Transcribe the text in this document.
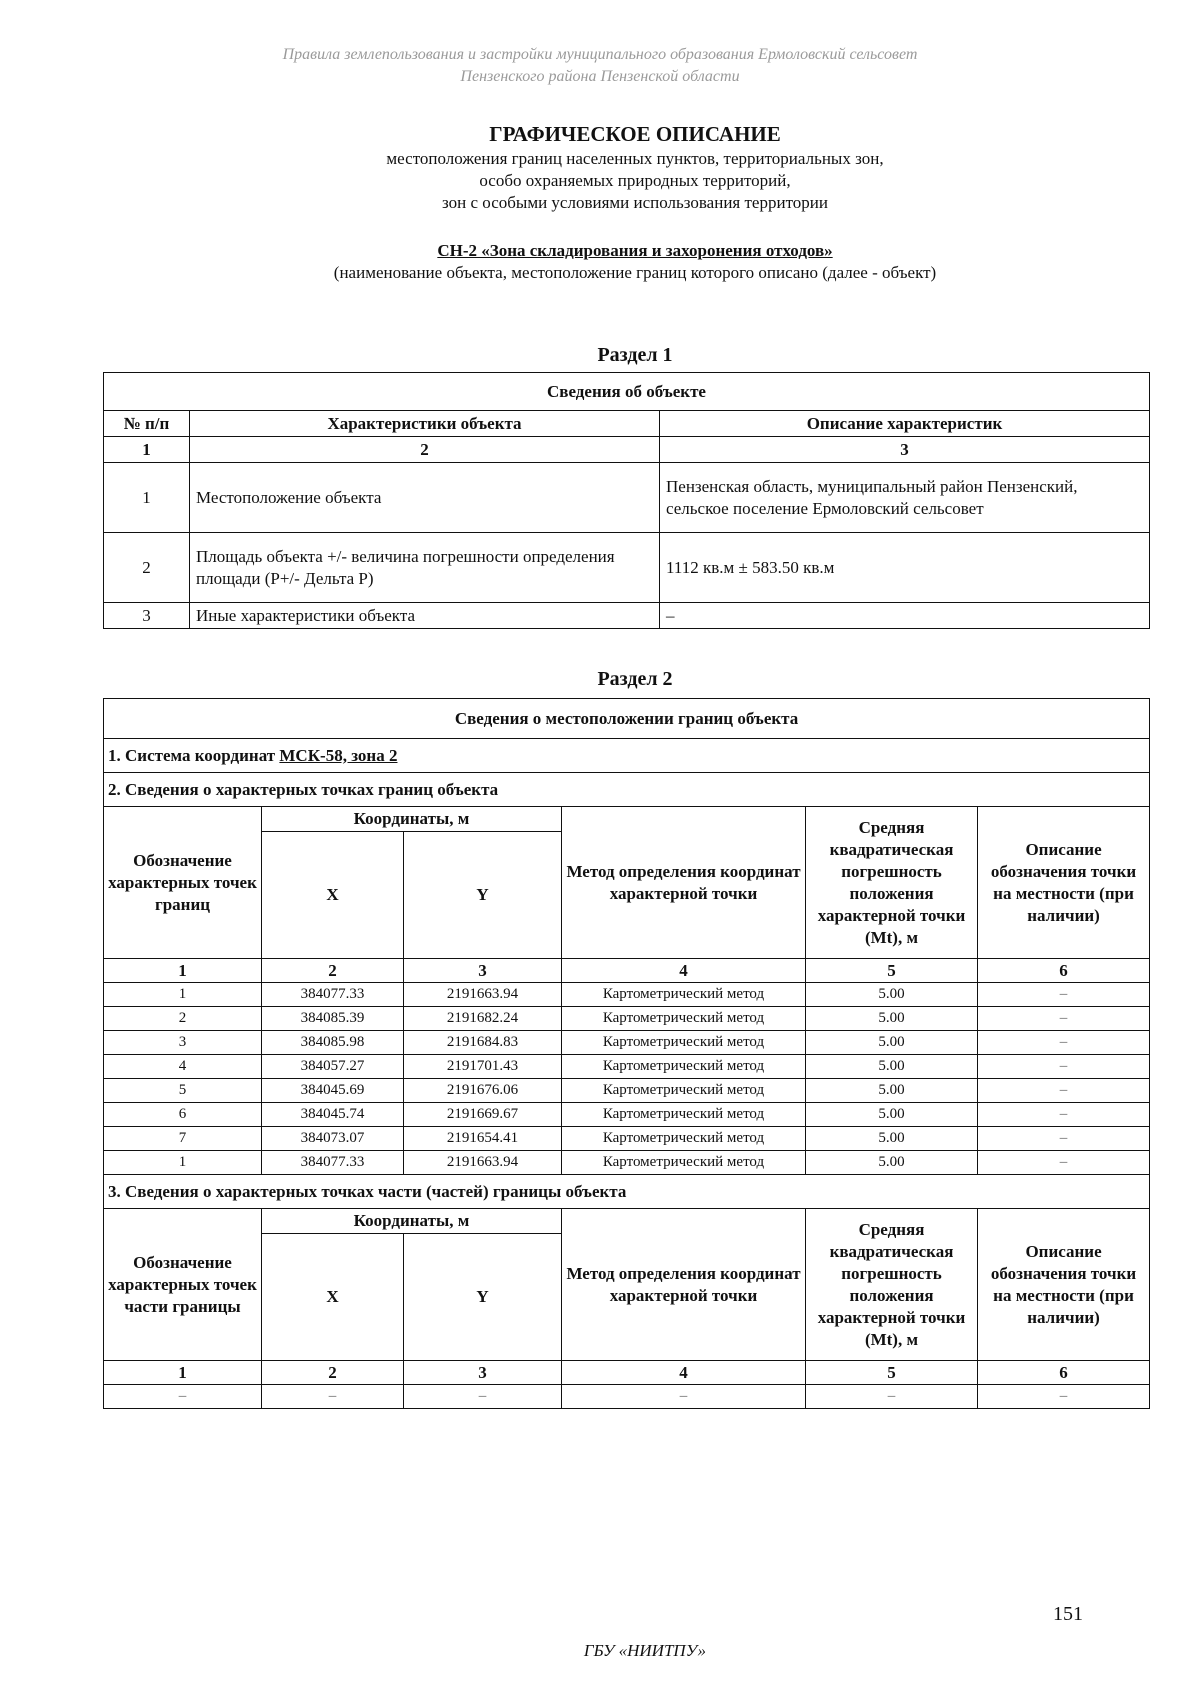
Правила землепользования и застройки муниципального образования Ермоловский сельсовет
Пензенского района Пензенской области
ГРАФИЧЕСКОЕ ОПИСАНИЕ
местоположения границ населенных пунктов, территориальных зон,
особо охраняемых природных территорий,
зон с особыми условиями использования территории
СН-2 «Зона складирования и захоронения отходов»
(наименование объекта, местоположение границ которого описано (далее - объект)
Раздел 1
Сведения об объекте		
№ п/п	Характеристики объекта	Описание характеристик
1	2	3
1	Местоположение объекта	Пензенская область, муниципальный район Пензенский, сельское поселение Ермоловский сельсовет
2	Площадь объекта +/- величина погрешности определения площади (Р+/- Дельта Р)	1112 кв.м ± 583.50 кв.м
3	Иные характеристики объекта	–
Раздел 2
Сведения о местоположении границ объекта					
1. Система координат МСК-58, зона 2					
2. Сведения о характерных точках границ объекта					
Обозначение характерных точек границ	Координаты, м		Метод определения координат характерной точки	Средняя квадратическая погрешность положения характерной точки (Мt), м	Описание обозначения точки на местности (при наличии)
	X	Y			
1	2	3	4	5	6
1	384077.33	2191663.94	Картометрический метод	5.00	–
2	384085.39	2191682.24	Картометрический метод	5.00	–
3	384085.98	2191684.83	Картометрический метод	5.00	–
4	384057.27	2191701.43	Картометрический метод	5.00	–
5	384045.69	2191676.06	Картометрический метод	5.00	–
6	384045.74	2191669.67	Картометрический метод	5.00	–
7	384073.07	2191654.41	Картометрический метод	5.00	–
1	384077.33	2191663.94	Картометрический метод	5.00	–
3. Сведения о характерных точках части (частей) границы объекта					
Обозначение характерных точек части границы	Координаты, м		Метод определения координат характерной точки	Средняя квадратическая погрешность положения характерной точки (Мt), м	Описание обозначения точки на местности (при наличии)
	X	Y			
1	2	3	4	5	6
–	–	–	–	–	–
151
ГБУ «НИИТПУ»
